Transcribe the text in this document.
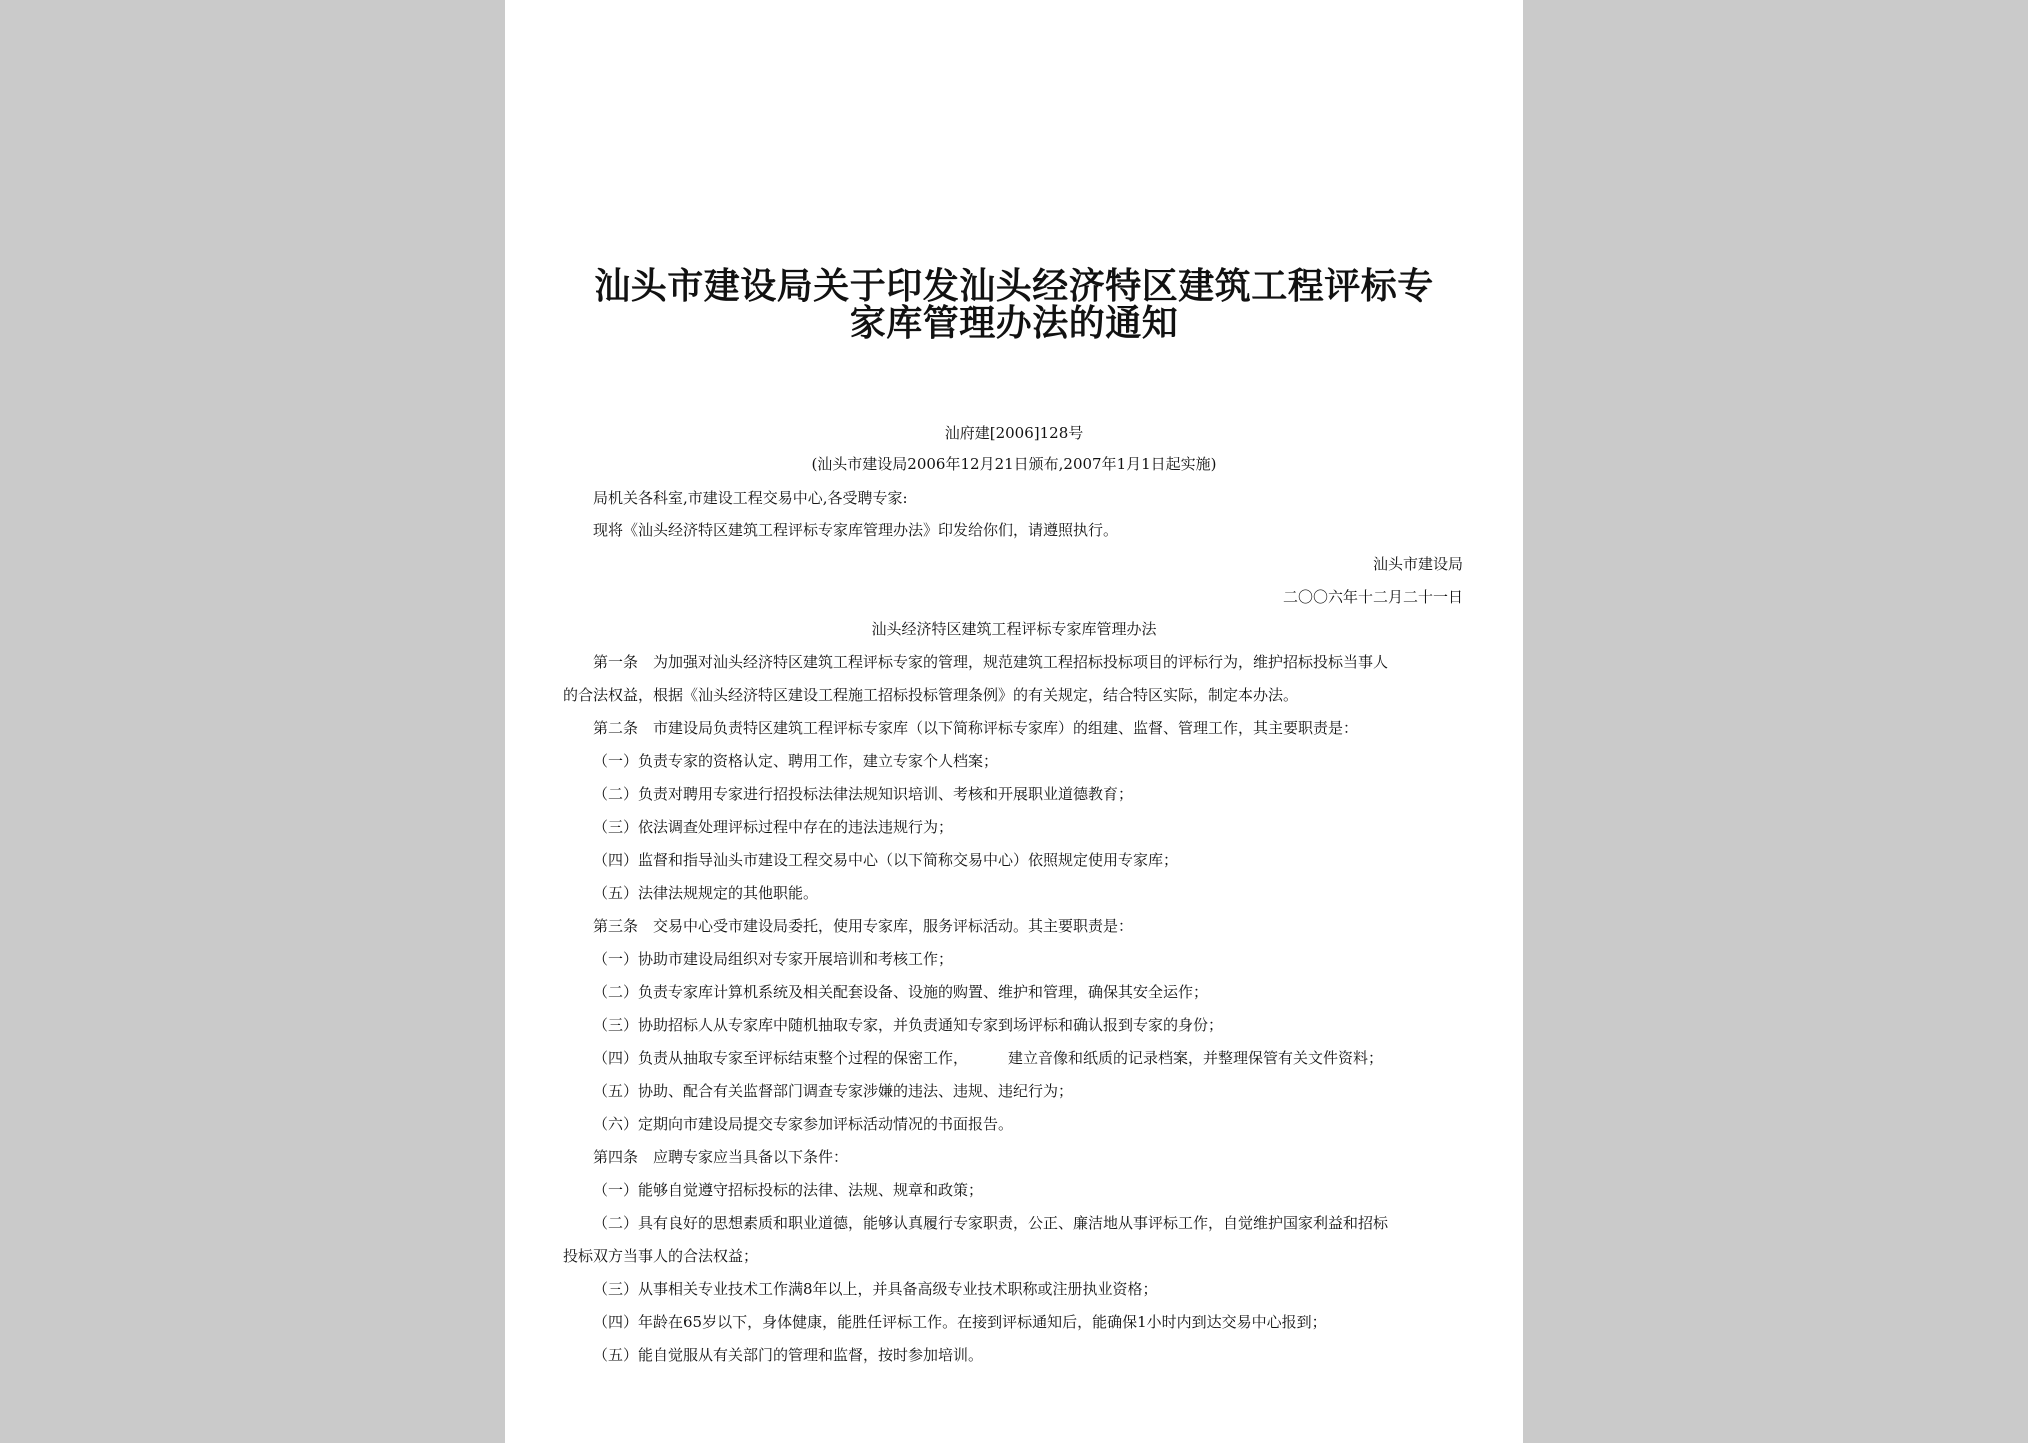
汕头市建设局关于印发汕头经济特区建筑工程评标专
家库管理办法的通知

汕府建[2006]128号

(汕头市建设局2006年12月21日颁布,2007年1月1日起实施)

局机关各科室,市建设工程交易中心,各受聘专家:

现将《汕头经济特区建筑工程评标专家库管理办法》印发给你们，请遵照执行。

汕头市建设局

二〇〇六年十二月二十一日

汕头经济特区建筑工程评标专家库管理办法

第一条　为加强对汕头经济特区建筑工程评标专家的管理，规范建筑工程招标投标项目的评标行为，维护招标投标当事人

的合法权益，根据《汕头经济特区建设工程施工招标投标管理条例》的有关规定，结合特区实际，制定本办法。

第二条　市建设局负责特区建筑工程评标专家库（以下简称评标专家库）的组建、监督、管理工作，其主要职责是：

（一）负责专家的资格认定、聘用工作，建立专家个人档案；

（二）负责对聘用专家进行招投标法律法规知识培训、考核和开展职业道德教育；

（三）依法调查处理评标过程中存在的违法违规行为；

（四）监督和指导汕头市建设工程交易中心（以下简称交易中心）依照规定使用专家库；

（五）法律法规规定的其他职能。

第三条　交易中心受市建设局委托，使用专家库，服务评标活动。其主要职责是：

（一）协助市建设局组织对专家开展培训和考核工作；

（二）负责专家库计算机系统及相关配套设备、设施的购置、维护和管理，确保其安全运作；

（三）协助招标人从专家库中随机抽取专家，并负责通知专家到场评标和确认报到专家的身份；

（四）负责从抽取专家至评标结束整个过程的保密工作，	建立音像和纸质的记录档案，并整理保管有关文件资料；

（五）协助、配合有关监督部门调查专家涉嫌的违法、违规、违纪行为；

（六）定期向市建设局提交专家参加评标活动情况的书面报告。

第四条　应聘专家应当具备以下条件：

（一）能够自觉遵守招标投标的法律、法规、规章和政策；

（二）具有良好的思想素质和职业道德，能够认真履行专家职责，公正、廉洁地从事评标工作，自觉维护国家利益和招标

投标双方当事人的合法权益；

（三）从事相关专业技术工作满8年以上，并具备高级专业技术职称或注册执业资格；

（四）年龄在65岁以下，身体健康，能胜任评标工作。在接到评标通知后，能确保1小时内到达交易中心报到；

（五）能自觉服从有关部门的管理和监督，按时参加培训。
